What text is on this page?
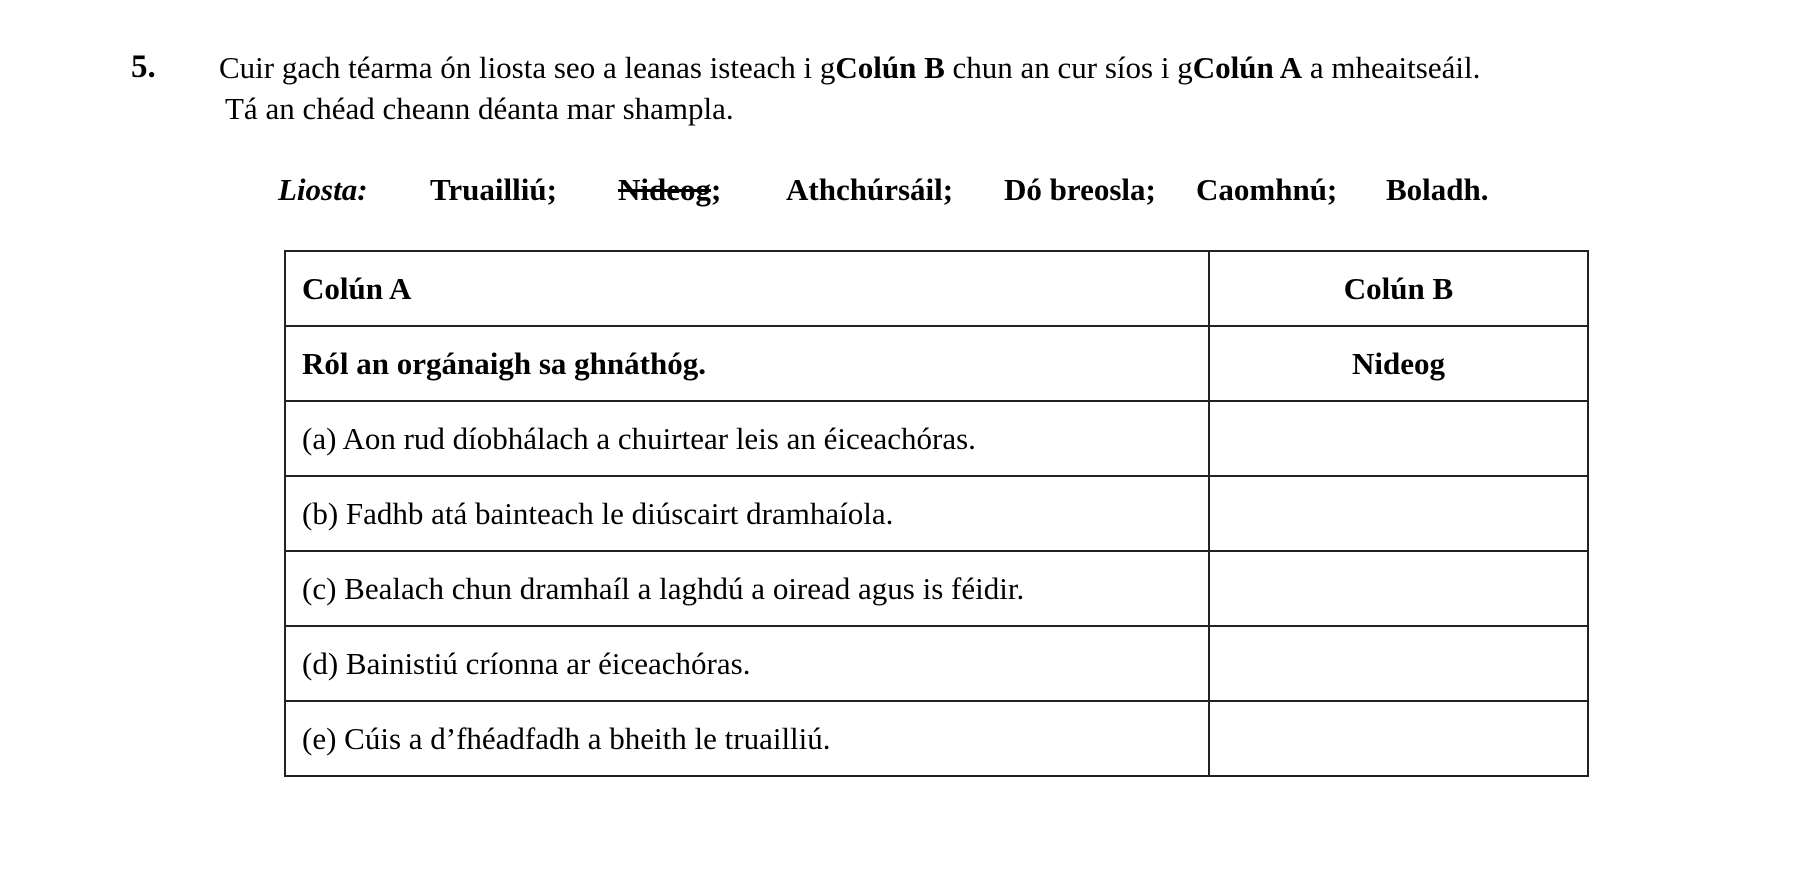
5. Cuir gach téarma ón liosta seo a leanas isteach i gColún B chun an cur síos i gColún A a mheaitseáil.
Tá an chéad cheann déanta mar shampla.
Liosta: Truailliú; Nideog; Athchúrsáil; Dó breosla; Caomhnú; Boladh.
Colún A	Colún B
Ról an orgánaigh sa ghnáthóg.	Nideog
(a) Aon rud díobhálach a chuirtear leis an éiceachóras.	
(b) Fadhb atá bainteach le diúscairt dramhaíola.	
(c) Bealach chun dramhaíl a laghdú a oiread agus is féidir.	
(d) Bainistiú críonna ar éiceachóras.	
(e) Cúis a d’fhéadfadh a bheith le truailliú.	
